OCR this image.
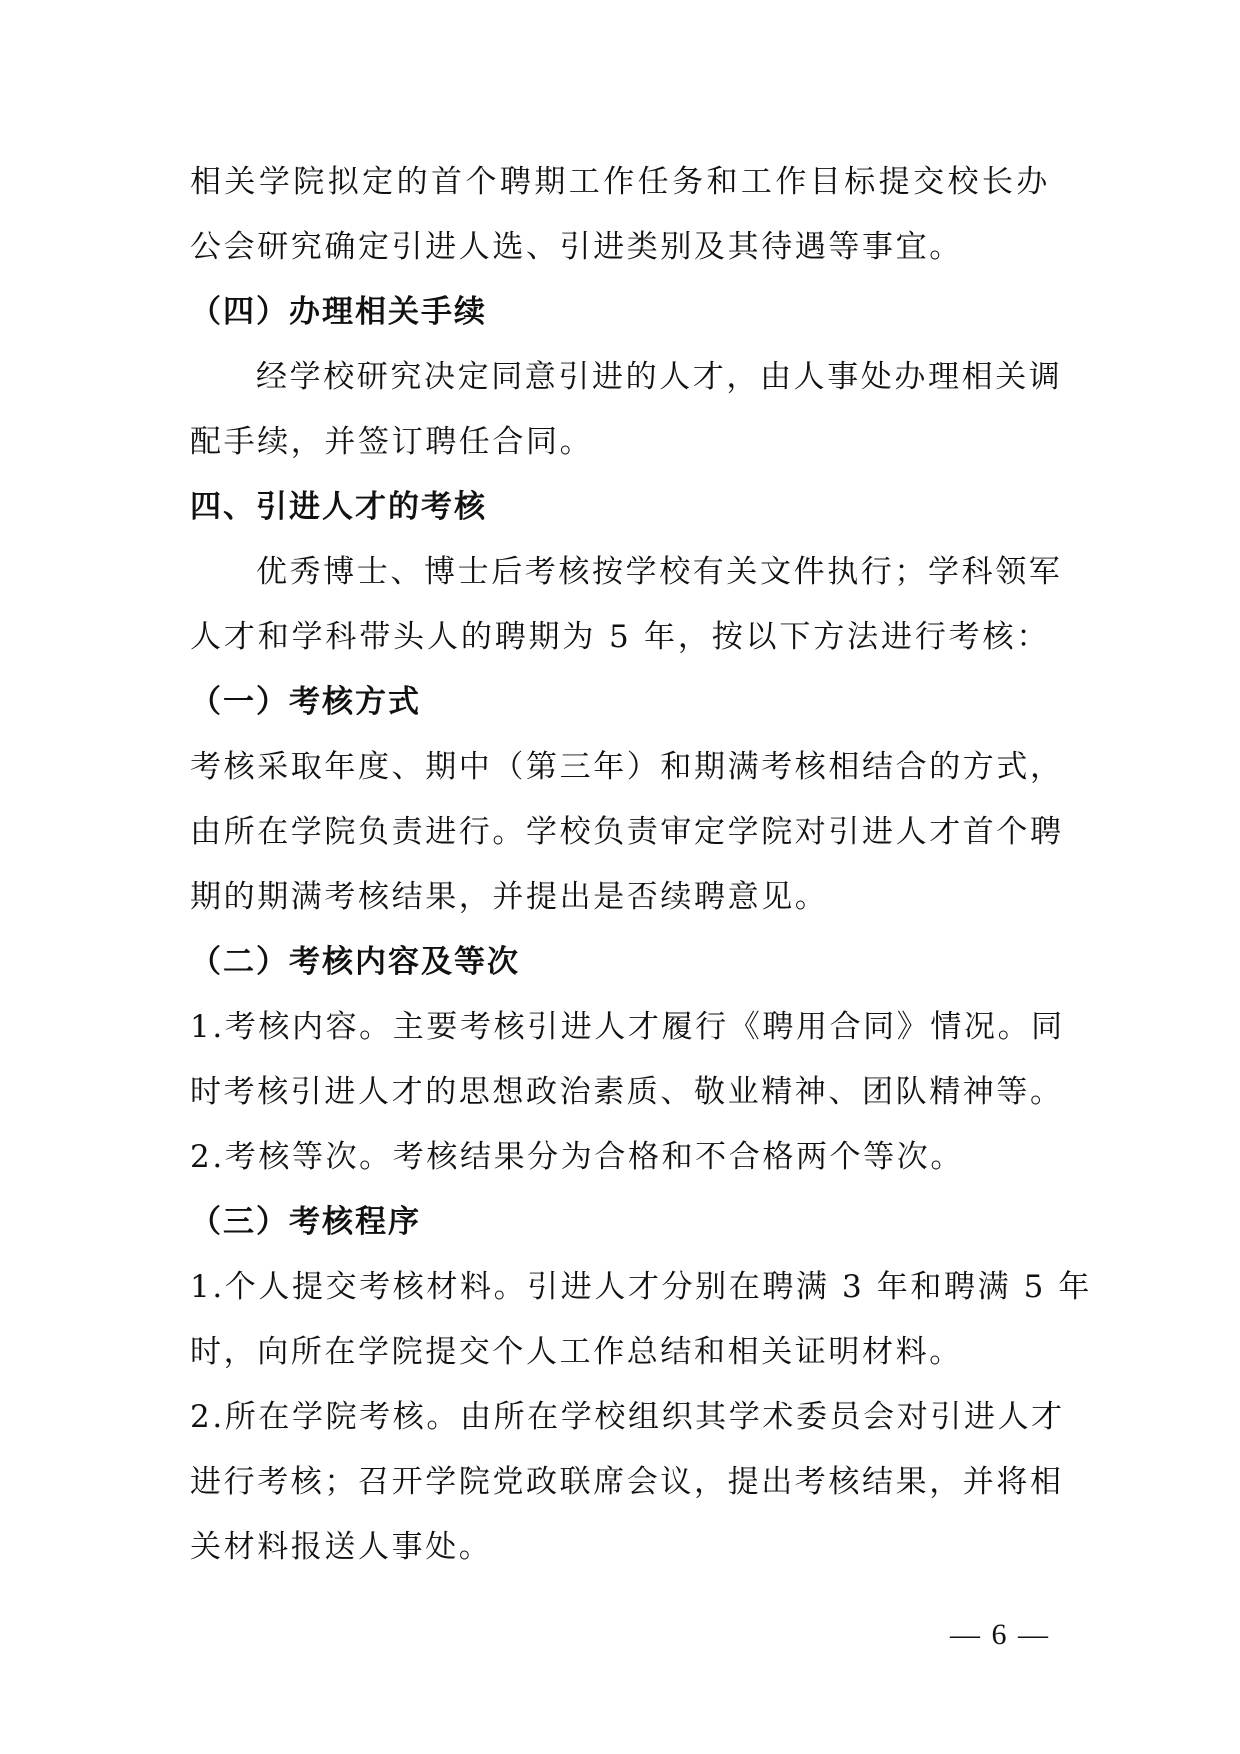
相关学院拟定的首个聘期工作任务和工作目标提交校长办
公会研究确定引进人选、引进类别及其待遇等事宜。
（四）办理相关手续
经学校研究决定同意引进的人才，由人事处办理相关调
配手续，并签订聘任合同。
四、引进人才的考核
优秀博士、博士后考核按学校有关文件执行；学科领军
人才和学科带头人的聘期为 5 年，按以下方法进行考核：
（一）考核方式
考核采取年度、期中（第三年）和期满考核相结合的方式，
由所在学院负责进行。学校负责审定学院对引进人才首个聘
期的期满考核结果，并提出是否续聘意见。
（二）考核内容及等次
1.考核内容。主要考核引进人才履行《聘用合同》情况。同
时考核引进人才的思想政治素质、敬业精神、团队精神等。
2.考核等次。考核结果分为合格和不合格两个等次。
（三）考核程序
1.个人提交考核材料。引进人才分别在聘满 3 年和聘满 5 年
时，向所在学院提交个人工作总结和相关证明材料。
2.所在学院考核。由所在学校组织其学术委员会对引进人才
进行考核；召开学院党政联席会议，提出考核结果，并将相
关材料报送人事处。
— 6 —
